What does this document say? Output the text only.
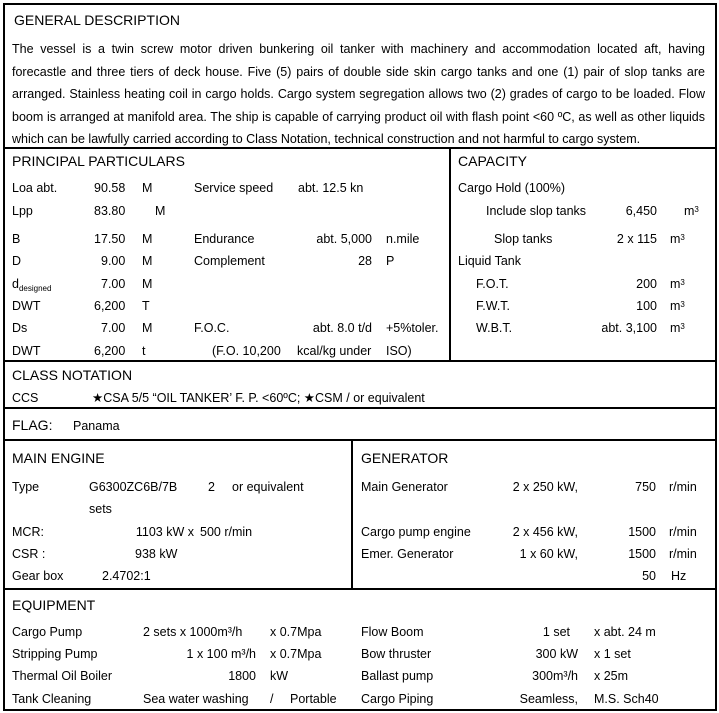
GENERAL DESCRIPTION
The vessel is a twin screw motor driven bunkering oil tanker with machinery and accommodation located aft, having forecastle and three tiers of deck house. Five (5) pairs of double side skin cargo tanks and one (1) pair of slop tanks are arranged. Stainless heating coil in cargo holds. Cargo system segregation allows two (2) grades of cargo to be loaded. Flow boom is arranged at manifold area. The ship is capable of carrying product oil with flash point <60 ºC, as well as other liquids which can be lawfully carried according to Class Notation, technical construction and not harmful to cargo system.
PRINCIPAL PARTICULARS	CAPACITY
Loa abt.	90.58 M	Service speed abt. 12.5 kn
Lpp	83.80 M
B	17.50 M	Endurance	abt. 5,000 n.mile
D	9.00 M	Complement	28 P
$d_{designed}$	7.00 M
DWT	6,200 T
Ds	7.00 M	F.O.C.	abt. 8.0 t/d +5%toler.
DWT	6,200 t	(F.O. 10,200 kcal/kg under ISO)
Cargo Hold (100%)
Include slop tanks	6,450 $m^3$
Slop tanks	2 x 115 $m^3$
Liquid Tank
F.O.T.	200 $m^3$
F.W.T.	100 $m^3$
W.B.T.	abt. 3,100 $m^3$
CLASS NOTATION
CCS	★CSA 5/5 “OIL TANKER’ F. P. <60ºC; ★CSM / or equivalent
FLAG: Panama
MAIN ENGINE	GENERATOR
Type	G6300ZC6B/7B 2 or equivalent
sets
MCR:	1103 kW x 500 r/min
CSR :	938 kW
Gear box	2.4702:1
Main Generator	2 x 250 kW,	750 r/min
Cargo pump engine	2 x 456 kW,	1500 r/min
Emer. Generator	1 x 60 kW,	1500 r/min
50 Hz
EQUIPMENT
Cargo Pump	2 sets x 1000m³/h x 0.7Mpa
Stripping Pump	1 x 100 m³/h x 0.7Mpa
Thermal Oil Boiler	1800 kW
Tank Cleaning	Sea water washing / Portable
Flow Boom	1 set x abt. 24 m
Bow thruster	300 kW x 1 set
Ballast pump	300m³/h x 25m
Cargo Piping	Seamless, M.S. Sch40
